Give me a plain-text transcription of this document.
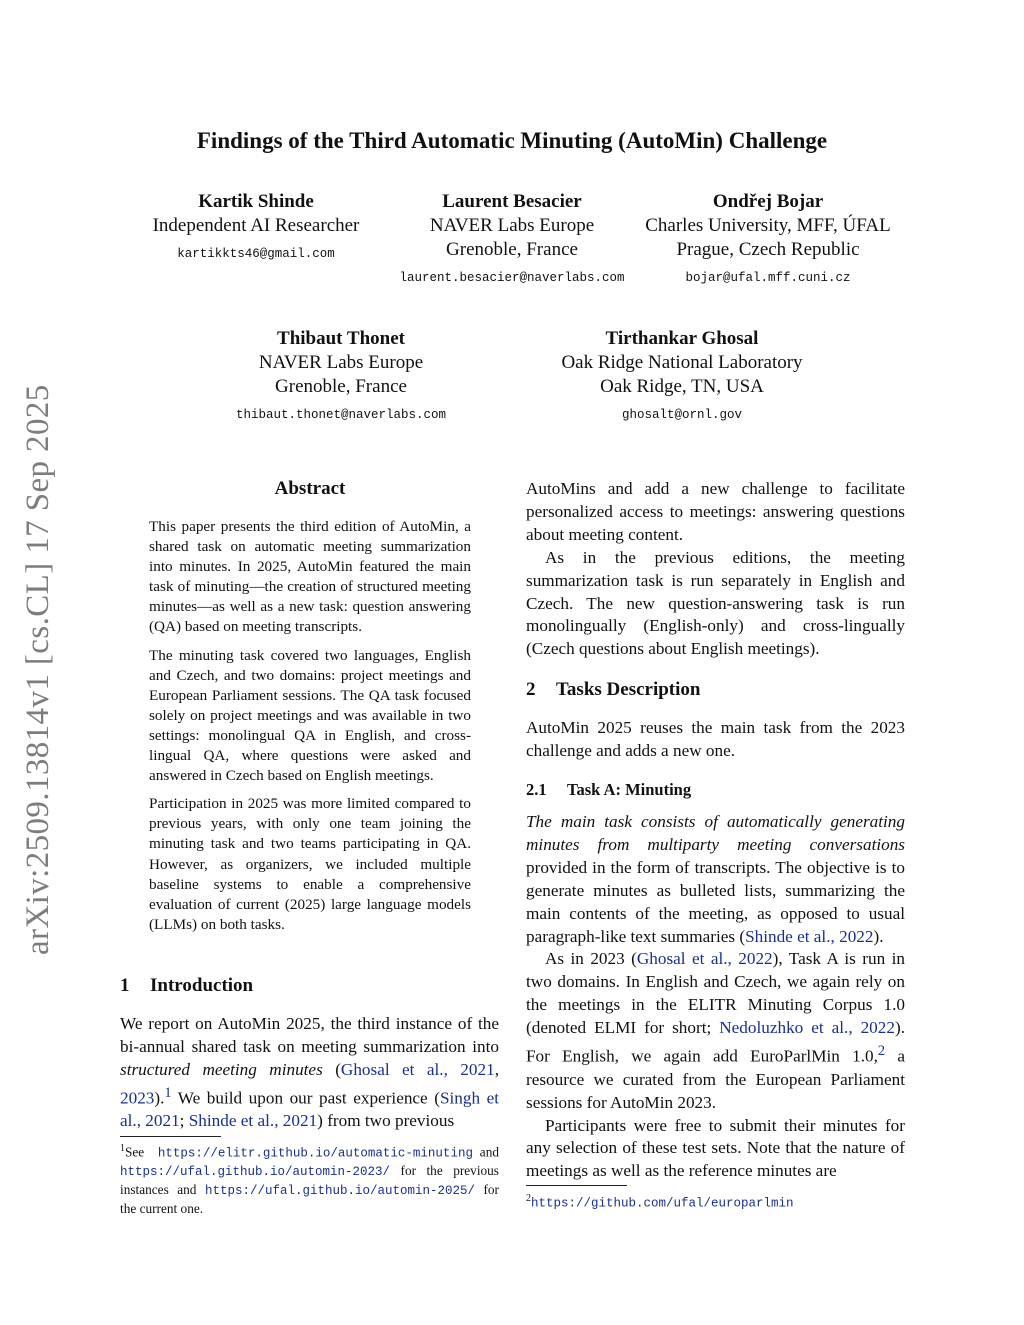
Findings of the Third Automatic Minuting (AutoMin) Challenge
Kartik Shinde
Independent AI Researcher
kartikkts46@gmail.com
Laurent Besacier
NAVER Labs Europe
Grenoble, France
laurent.besacier@naverlabs.com
Ondřej Bojar
Charles University, MFF, ÚFAL
Prague, Czech Republic
bojar@ufal.mff.cuni.cz
Thibaut Thonet
NAVER Labs Europe
Grenoble, France
thibaut.thonet@naverlabs.com
Tirthankar Ghosal
Oak Ridge National Laboratory
Oak Ridge, TN, USA
ghosalt@ornl.gov
arXiv:2509.13814v1 [cs.CL] 17 Sep 2025	Abstract

This paper presents the third edition of AutoMin, a shared task on automatic meeting summarization into minutes. In 2025, AutoMin featured the main task of minuting—the creation of structured meeting minutes—as well as a new task: question answering (QA) based on meeting transcripts.

The minuting task covered two languages, English and Czech, and two domains: project meetings and European Parliament sessions. The QA task focused solely on project meetings and was available in two settings: monolingual QA in English, and cross-lingual QA, where questions were asked and answered in Czech based on English meetings.

Participation in 2025 was more limited compared to previous years, with only one team joining the minuting task and two teams participating in QA. However, as organizers, we included multiple baseline systems to enable a comprehensive evaluation of current (2025) large language models (LLMs) on both tasks.

1 Introduction

We report on AutoMin 2025, the third instance of the bi-annual shared task on meeting summarization into structured meeting minutes (Ghosal et al., 2021, 2023).$^1$ We build upon our past experience (Singh et al., 2021; Shinde et al., 2021) from two previous

$^1$See https://elitr.github.io/automatic-minuting and https://ufal.github.io/automin-2023/ for the previous instances and https://ufal.github.io/automin-2025/ for the current one.

AutoMins and add a new challenge to facilitate personalized access to meetings: answering questions about meeting content.

As in the previous editions, the meeting summarization task is run separately in English and Czech. The new question-answering task is run monolingually (English-only) and cross-lingually (Czech questions about English meetings).

2 Tasks Description

AutoMin 2025 reuses the main task from the 2023 challenge and adds a new one.

2.1 Task A: Minuting

The main task consists of automatically generating minutes from multiparty meeting conversations provided in the form of transcripts. The objective is to generate minutes as bulleted lists, summarizing the main contents of the meeting, as opposed to usual paragraph-like text summaries (Shinde et al., 2022).

As in 2023 (Ghosal et al., 2022), Task A is run in two domains. In English and Czech, we again rely on the meetings in the ELITR Minuting Corpus 1.0 (denoted ELMI for short; Nedoluzhko et al., 2022). For English, we again add EuroParlMin 1.0,$^2$ a resource we curated from the European Parliament sessions for AutoMin 2023.

Participants were free to submit their minutes for any selection of these test sets. Note that the nature of meetings as well as the reference minutes are

$^2$https://github.com/ufal/europarlmin
